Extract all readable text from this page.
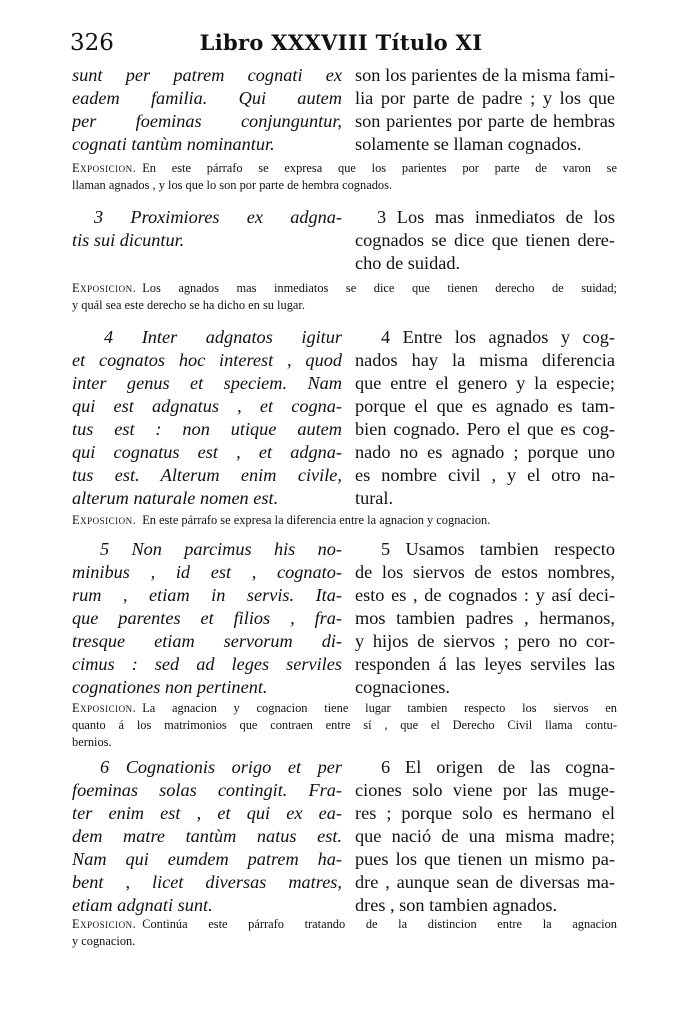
326	Libro XXXVIII Título XI
sunt per patrem cognati ex
eadem familia. Qui autem
per foeminas conjunguntur,
cognati tantùm nominantur.
son los parientes de la misma fami-
lia por parte de padre ; y los que
son parientes por parte de hembras
solamente se llaman cognados.
Exposicion. En este párrafo se expresa que los parientes por parte de varon se
llaman agnados , y los que lo son por parte de hembra cognados.
3 Proximiores ex adgna-
tis sui dicuntur.
3 Los mas inmediatos de los
cognados se dice que tienen dere-
cho de suidad.
Exposicion. Los agnados mas inmediatos se dice que tienen derecho de suidad;
y quál sea este derecho se ha dicho en su lugar.
4 Inter adgnatos igitur
et cognatos hoc interest , quod
inter genus et speciem. Nam
qui est adgnatus , et cogna-
tus est : non utique autem
qui cognatus est , et adgna-
tus est. Alterum enim civile,
alterum naturale nomen est.
4 Entre los agnados y cog-
nados hay la misma diferencia
que entre el genero y la especie;
porque el que es agnado es tam-
bien cognado. Pero el que es cog-
nado no es agnado ; porque uno
es nombre civil , y el otro na-
tural.
Exposicion. En este párrafo se expresa la diferencia entre la agnacion y cognacion.
5 Non parcimus his no-
minibus , id est , cognato-
rum , etiam in servis. Ita-
que parentes et filios , fra-
tresque etiam servorum di-
cimus : sed ad leges serviles
cognationes non pertinent.
5 Usamos tambien respecto
de los siervos de estos nombres,
esto es , de cognados : y así deci-
mos tambien padres , hermanos,
y hijos de siervos ; pero no cor-
responden á las leyes serviles las
cognaciones.
Exposicion. La agnacion y cognacion tiene lugar tambien respecto los siervos en
quanto á los matrimonios que contraen entre sí , que el Derecho Civil llama contu-
bernios.
6 Cognationis origo et per
foeminas solas contingit. Fra-
ter enim est , et qui ex ea-
dem matre tantùm natus est.
Nam qui eumdem patrem ha-
bent , licet diversas matres,
etiam adgnati sunt.
6 El origen de las cogna-
ciones solo viene por las muge-
res ; porque solo es hermano el
que nació de una misma madre;
pues los que tienen un mismo pa-
dre , aunque sean de diversas ma-
dres , son tambien agnados.
Exposicion. Continúa este párrafo tratando de la distincion entre la agnacion
y cognacion.
